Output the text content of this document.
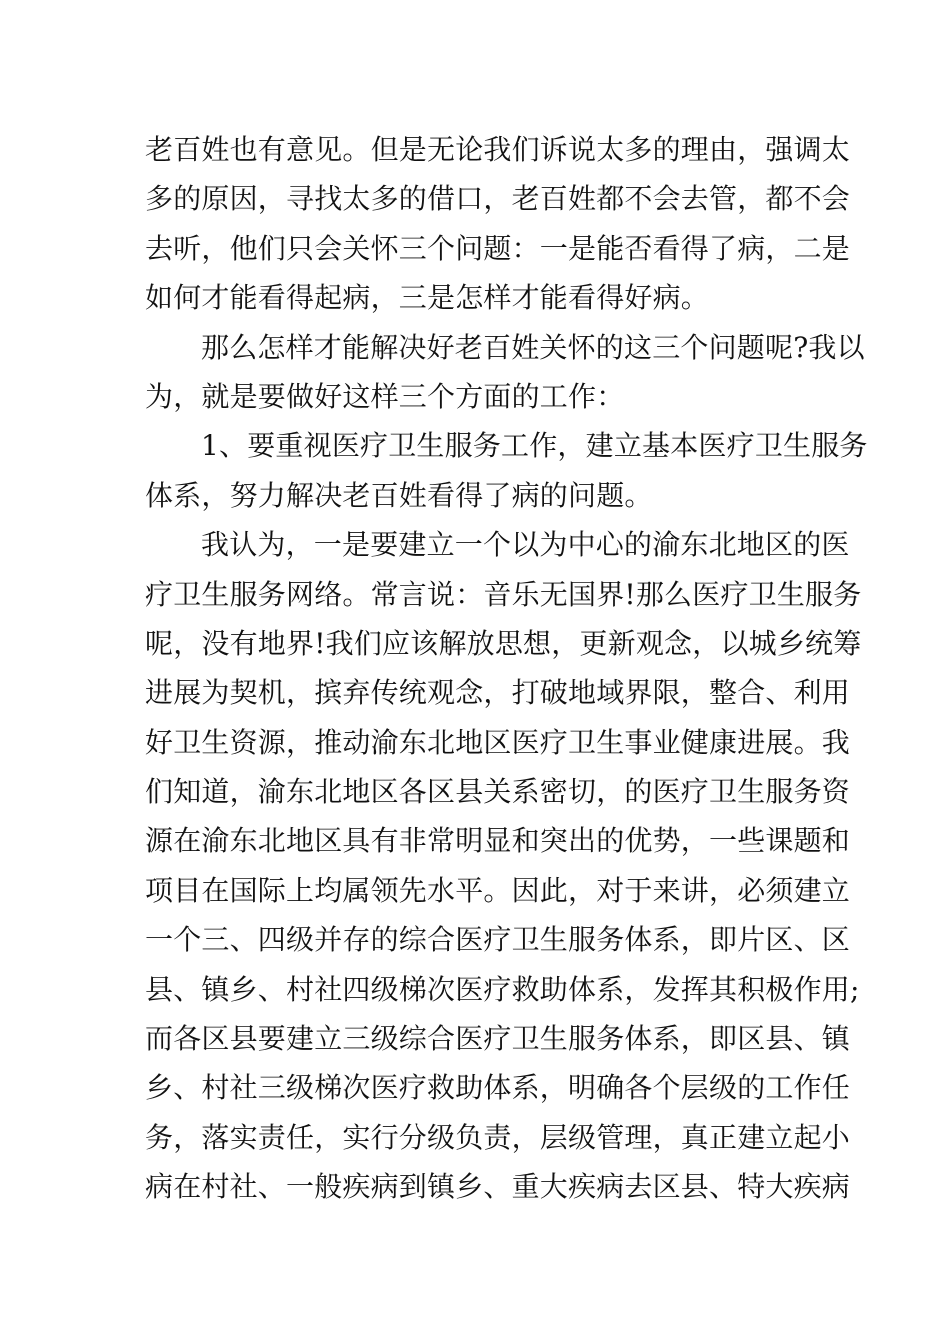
老百姓也有意见。但是无论我们诉说太多的理由，强调太
多的原因，寻找太多的借口，老百姓都不会去管，都不会
去听，他们只会关怀三个问题：一是能否看得了病，二是
如何才能看得起病，三是怎样才能看得好病。
那么怎样才能解决好老百姓关怀的这三个问题呢?我以
为，就是要做好这样三个方面的工作：
1、要重视医疗卫生服务工作，建立基本医疗卫生服务
体系，努力解决老百姓看得了病的问题。
我认为，一是要建立一个以为中心的渝东北地区的医
疗卫生服务网络。常言说：音乐无国界!那么医疗卫生服务
呢，没有地界!我们应该解放思想，更新观念，以城乡统筹
进展为契机，摈弃传统观念，打破地域界限，整合、利用
好卫生资源，推动渝东北地区医疗卫生事业健康进展。我
们知道，渝东北地区各区县关系密切，的医疗卫生服务资
源在渝东北地区具有非常明显和突出的优势，一些课题和
项目在国际上均属领先水平。因此，对于来讲，必须建立
一个三、四级并存的综合医疗卫生服务体系，即片区、区
县、镇乡、村社四级梯次医疗救助体系，发挥其积极作用;
而各区县要建立三级综合医疗卫生服务体系，即区县、镇
乡、村社三级梯次医疗救助体系，明确各个层级的工作任
务，落实责任，实行分级负责，层级管理，真正建立起小
病在村社、一般疾病到镇乡、重大疾病去区县、特大疾病
